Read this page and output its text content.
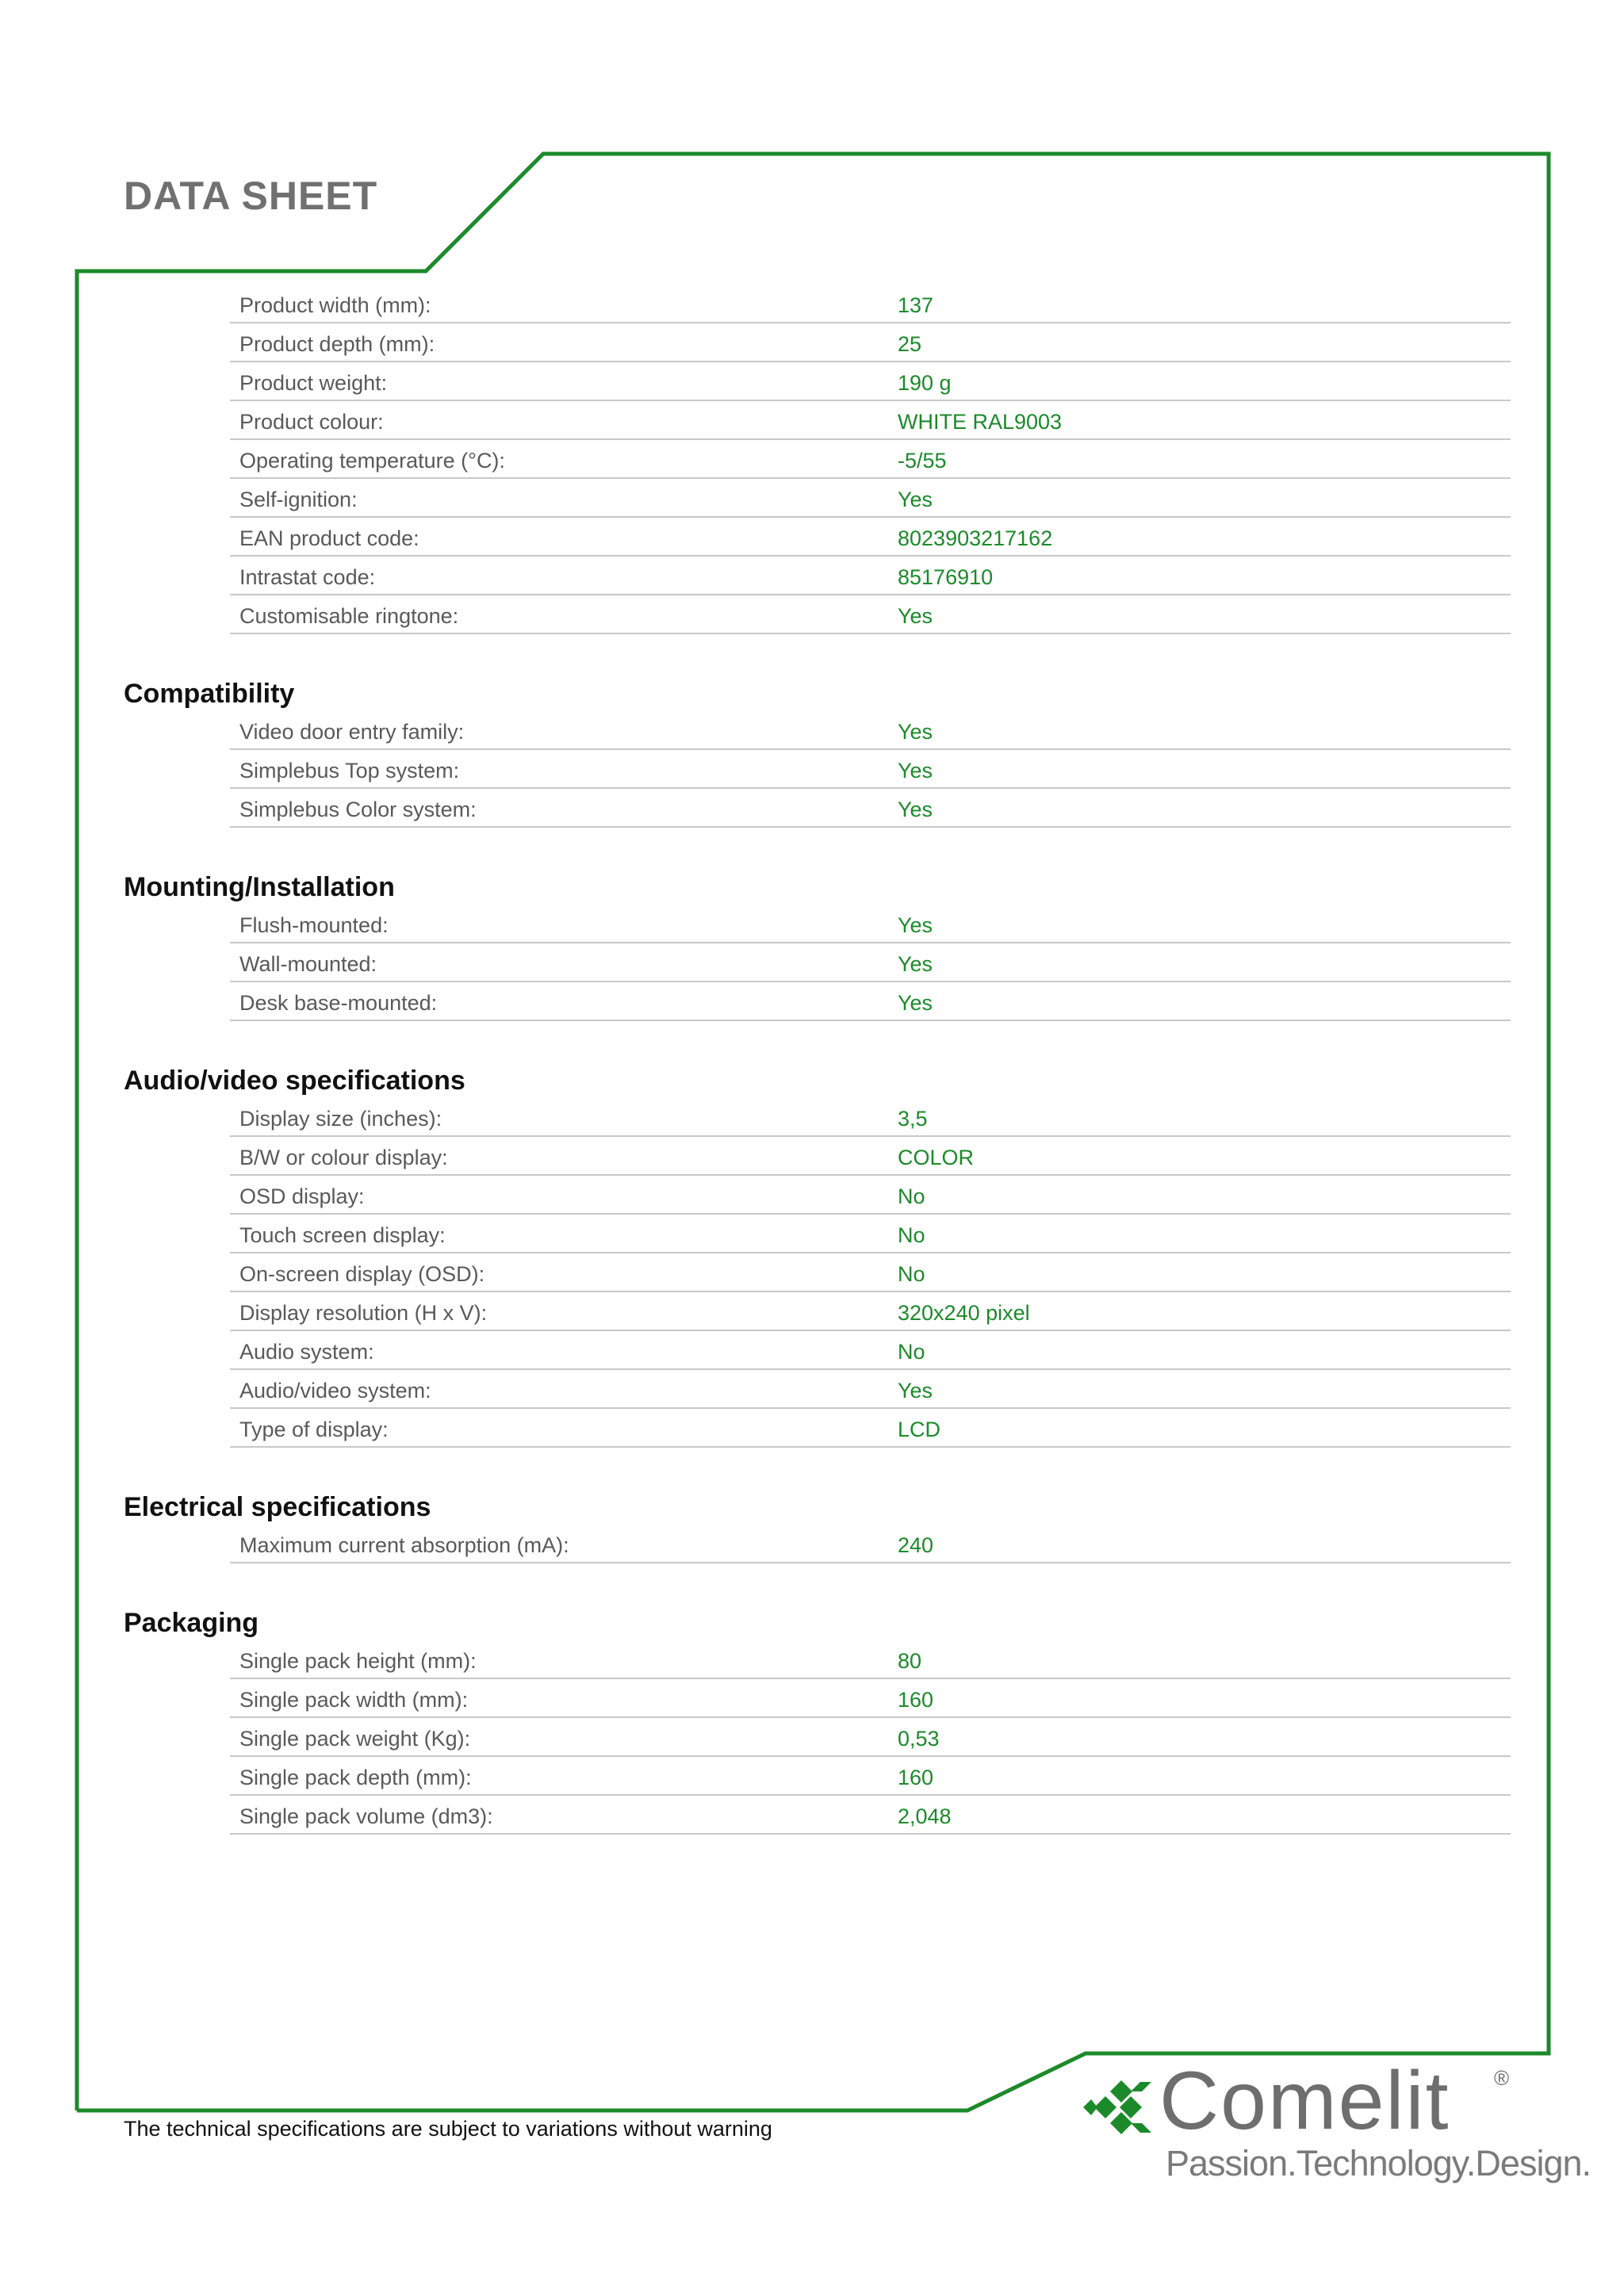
DATA SHEET
Product width (mm):	137
Product depth (mm):	25
Product weight:	190 g
Product colour:	WHITE RAL9003
Operating temperature (°C):	-5/55
Self-ignition:	Yes
EAN product code:	8023903217162
Intrastat code:	85176910
Customisable ringtone:	Yes
Compatibility
Video door entry family:	Yes
Simplebus Top system:	Yes
Simplebus Color system:	Yes
Mounting/Installation
Flush-mounted:	Yes
Wall-mounted:	Yes
Desk base-mounted:	Yes
Audio/video specifications
Display size (inches):	3,5
B/W or colour display:	COLOR
OSD display:	No
Touch screen display:	No
On-screen display (OSD):	No
Display resolution (H x V):	320x240 pixel
Audio system:	No
Audio/video system:	Yes
Type of display:	LCD
Electrical specifications
Maximum current absorption (mA):	240
Packaging
Single pack height (mm):	80
Single pack width (mm):	160
Single pack weight (Kg):	0,53
Single pack depth (mm):	160
Single pack volume (dm3):	2,048
The technical specifications are subject to variations without warning	Comelit ®
Passion.Technology.Design.
